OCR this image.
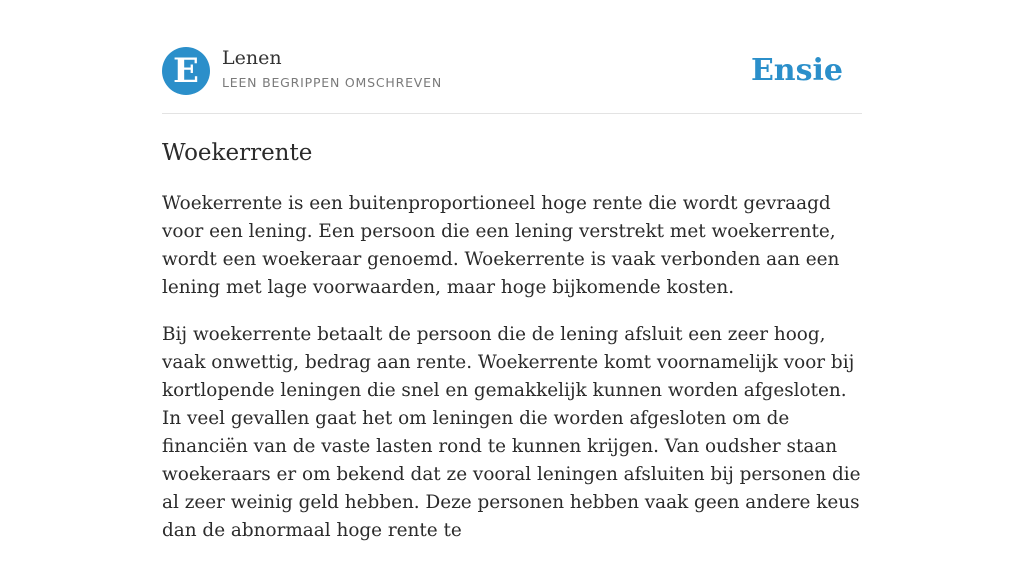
E	Lenen
LEEN BEGRIPPEN OMSCHREVEN	Ensie
Woekerrente

Woekerrente is een buitenproportioneel hoge rente die wordt gevraagd voor een lening. Een persoon die een lening verstrekt met woekerrente, wordt een woekeraar genoemd. Woekerrente is vaak verbonden aan een lening met lage voorwaarden, maar hoge bijkomende kosten.

Bij woekerrente betaalt de persoon die de lening afsluit een zeer hoog, vaak onwettig, bedrag aan rente. Woekerrente komt voornamelijk voor bij kortlopende leningen die snel en gemakkelijk kunnen worden afgesloten. In veel gevallen gaat het om leningen die worden afgesloten om de financiën van de vaste lasten rond te kunnen krijgen. Van oudsher staan woekeraars er om bekend dat ze vooral leningen afsluiten bij personen die al zeer weinig geld hebben. Deze personen hebben vaak geen andere keus dan de abnormaal hoge rente te
